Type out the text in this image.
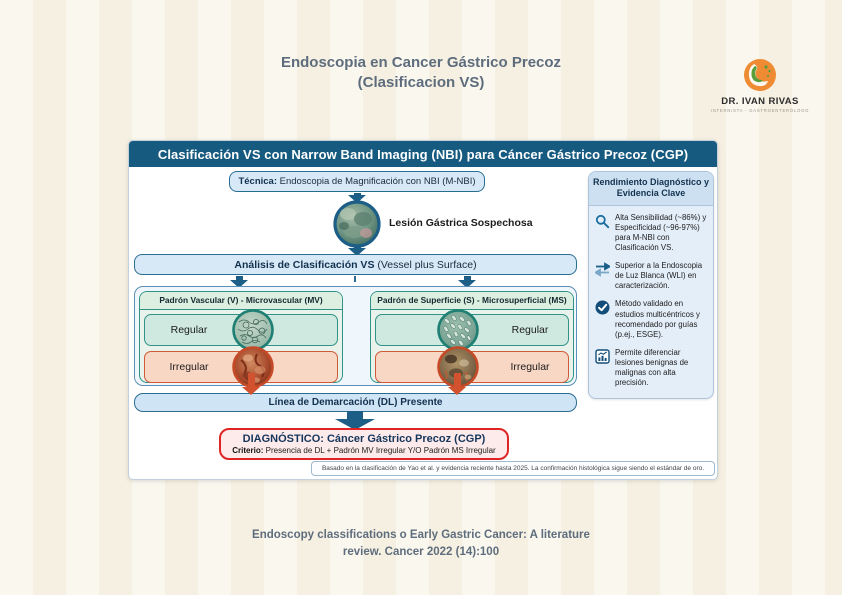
Endoscopia en Cancer Gástrico Precoz
(Clasificacion VS)
DR. IVAN RIVAS
INTERNISTA - GASTROENTERÓLOGO
Clasificación VS con Narrow Band Imaging (NBI) para Cáncer Gástrico Precoz (CGP)
Técnica: Endoscopia de Magnificación con NBI (M-NBI)
Lesión Gástrica Sospechosa
Análisis de Clasificación VS (Vessel plus Surface)
Padrón Vascular (V) - Microvascular (MV)
Regular
Irregular
Padrón de Superficie (S) - Microsuperficial (MS)
Regular
Irregular
Línea de Demarcación (DL) Presente
DIAGNÓSTICO: Cáncer Gástrico Precoz (CGP)
Criterio: Presencia de DL + Padrón MV Irregular Y/O Padrón MS Irregular
Basado en la clasificación de Yao et al. y evidencia reciente hasta 2025. La confirmación histológica sigue siendo el estándar de oro.
Rendimiento Diagnóstico y
Evidencia Clave
Alta Sensibilidad (~86%) y Especificidad (~96-97%) para M-NBI con Clasificación VS.
Superior a la Endoscopia de Luz Blanca (WLI) en caracterización.
Método validado en estudios multicéntricos y recomendado por guías (p.ej., ESGE).
Permite diferenciar lesiones benignas de malignas con alta precisión.
Endoscopy classifications o Early Gastric Cancer: A literature
review. Cancer 2022 (14):100
